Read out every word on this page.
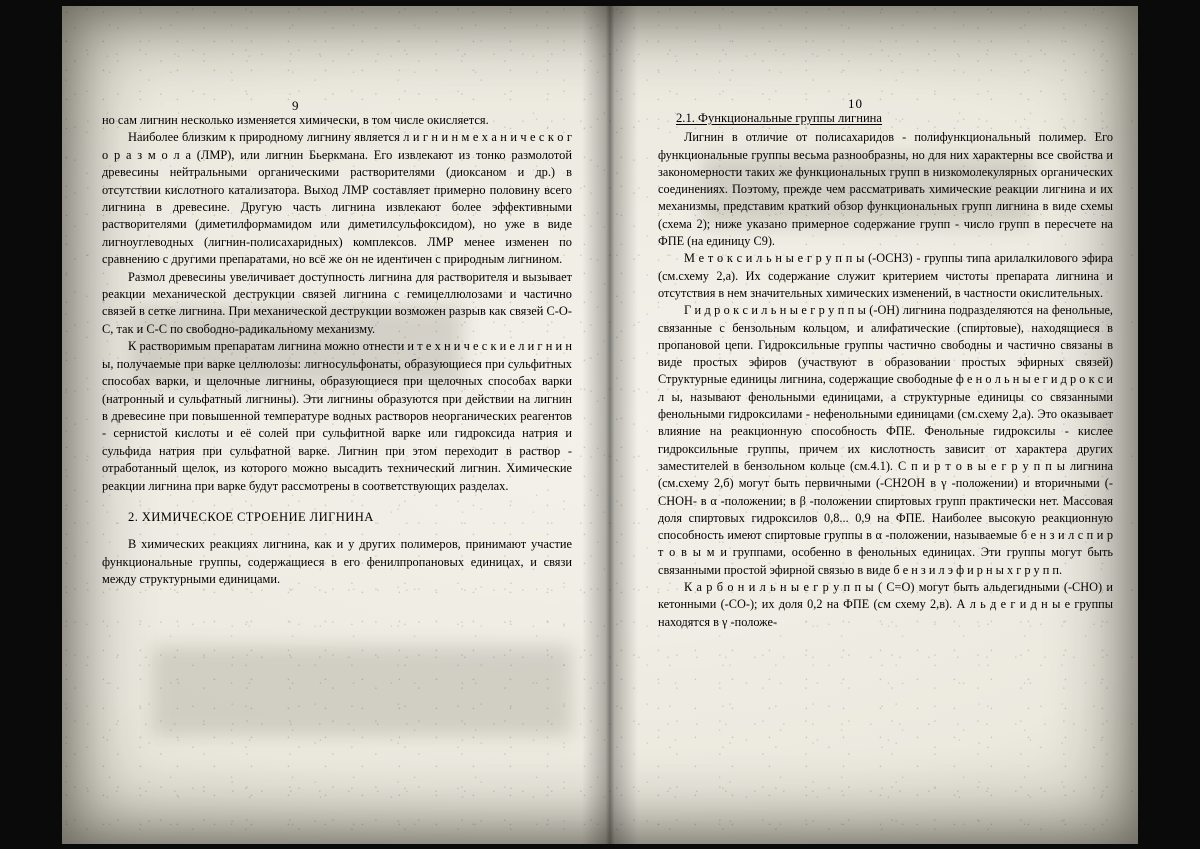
9

но сам лигнин несколько изменяется химически, в том числе окисляется.

Наиболее близким к природному лигнину является л и г н и н м е х а н и ч е с к о г о р а з м о л а (ЛМР), или лигнин Бьеркмана. Его извлекают из тонко размолотой древесины нейтральными органическими растворителями (диоксаном и др.) в отсутствии кислотного катализатора. Выход ЛМР составляет примерно половину всего лигнина в древесине. Другую часть лигнина извлекают более эффективными растворителями (диметилформамидом или диметилсульфоксидом), но уже в виде лигноуглеводных (лигнин-полисахаридных) комплексов. ЛМР менее изменен по сравнению с другими препаратами, но всё же он не идентичен с природным лигнином.

Размол древесины увеличивает доступность лигнина для растворителя и вызывает реакции механической деструкции связей лигнина с гемицеллюлозами и частично связей в сетке лигнина. При механической деструкции возможен разрыв как связей С-О-С, так и С-С по свободно-радикальному механизму.

К растворимым препаратам лигнина можно отнести и т е х н и ч е с к и е л и г н и н ы, получаемые при варке целлюлозы: лигносульфонаты, образующиеся при сульфитных способах варки, и щелочные лигнины, образующиеся при щелочных способах варки (натронный и сульфатный лигнины). Эти лигнины образуются при действии на лигнин в древесине при повышенной температуре водных растворов неорганических реагентов - сернистой кислоты и её солей при сульфитной варке или гидроксида натрия и сульфида натрия при сульфатной варке. Лигнин при этом переходит в раствор - отработанный щелок, из которого можно высадить технический лигнин. Химические реакции лигнина при варке будут рассмотрены в соответствующих разделах.

2. ХИМИЧЕСКОЕ СТРОЕНИЕ ЛИГНИНА

В химических реакциях лигнина, как и у других полимеров, принимают участие функциональные группы, содержащиеся в его фенилпропановых единицах, и связи между структурными единицами.

10
2.1. Функциональные группы лигнина

Лигнин в отличие от полисахаридов - полифункциональный полимер. Его функциональные группы весьма разнообразны, но для них характерны все свойства и закономерности таких же функциональных групп в низкомолекулярных органических соединениях. Поэтому, прежде чем рассматривать химические реакции лигнина и их механизмы, представим краткий обзор функциональных групп лигнина в виде схемы (схема 2); ниже указано примерное содержание групп - число групп в пересчете на ФПЕ (на единицу С9).

М е т о к с и л ь н ы е г р у п п ы (-ОСН3) - группы типа арилалкилового эфира (см.схему 2,а). Их содержание служит критерием чистоты препарата лигнина и отсутствия в нем значительных химических изменений, в частности окислительных.

Г и д р о к с и л ь н ы е г р у п п ы (-ОН) лигнина подразделяются на фенольные, связанные с бензольным кольцом, и алифатические (спиртовые), находящиеся в пропановой цепи. Гидроксильные группы частично свободны и частично связаны в виде простых эфиров (участвуют в образовании простых эфирных связей) Структурные единицы лигнина, содержащие свободные ф е н о л ь н ы е г и д р о к с и л ы, называют фенольными единицами, а структурные единицы со связанными фенольными гидроксилами - нефенольными единицами (см.схему 2,а). Это оказывает влияние на реакционную способность ФПЕ. Фенольные гидроксилы - кислее гидроксильные группы, причем их кислотность зависит от характера других заместителей в бензольном кольце (см.4.1). С п и р т о в ы е г р у п п ы лигнина (см.схему 2,б) могут быть первичными (-СН2ОН в γ -положении) и вторичными (-СНОН- в α -положении; в β -положении спиртовых групп практически нет. Массовая доля спиртовых гидроксилов 0,8... 0,9 на ФПЕ. Наиболее высокую реакционную способность имеют спиртовые группы в α -положении, называемые б е н з и л с п и р т о в ы м и группами, особенно в фенольных единицах. Эти группы могут быть связанными простой эфирной связью в виде б е н з и л э ф и р н ы х г р у п п.

К а р б о н и л ь н ы е г р у п п ы ( С=О) могут быть альдегидными (-СНО) и кетонными (-СО-); их доля 0,2 на ФПЕ (см схему 2,в). А л ь д е г и д н ы е группы находятся в γ -положе-
